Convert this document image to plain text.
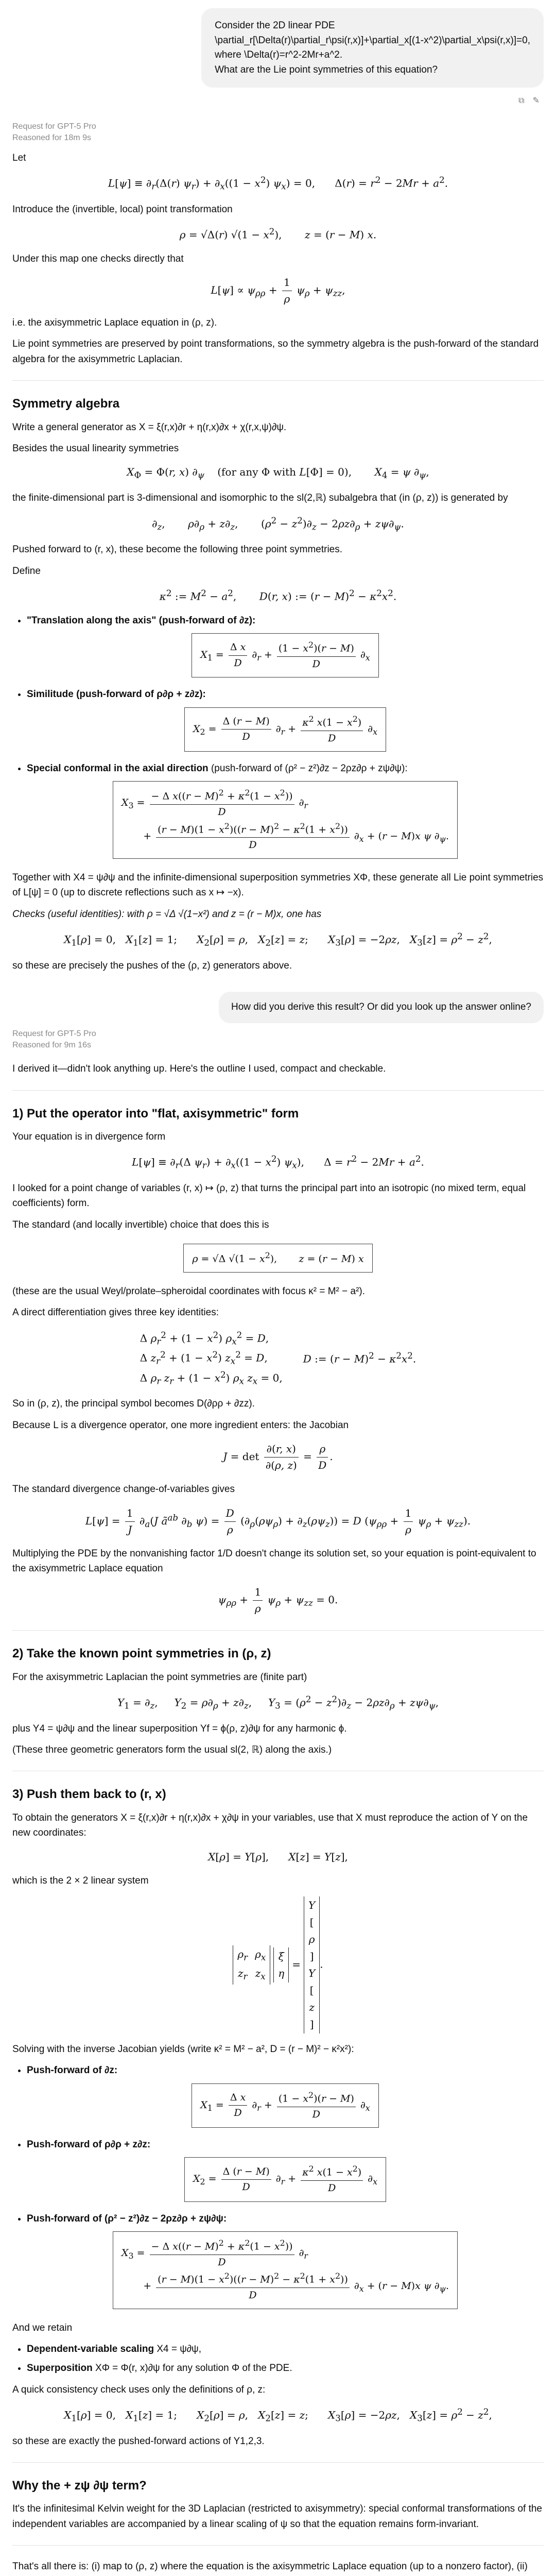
Consider the 2D linear PDE
\partial_r[\Delta(r)\partial_r\psi(r,x)]+\partial_x[(1-x^2)\partial_x\psi(r,x)]=0,
where \Delta(r)=r^2-2Mr+a^2.
What are the Lie point symmetries of this equation?
⧉ ✎
Request for GPT-5 Pro
Reasoned for 18m 9s

Let

$L[\psi] \equiv \partial_r(\Delta(r) \psi_r) + \partial_x((1 - x^2) \psi_x) = 0$,      $\Delta(r) = r^2 - 2Mr + a^2$.

Introduce the (invertible, local) point transformation

ρ = √Δ(r) $√(1 - x^2)$,       z = (r − M) x.

Under this map one checks directly that

$L[\psi] \propto \psi_{\rho\rho} + \frac{1}{\rho} \psi_\rho + \psi_{zz}$,

i.e. the axisymmetric Laplace equation in (ρ, z).

Lie point symmetries are preserved by point transformations, so the symmetry algebra is the push-forward of the standard algebra for the axisymmetric Laplacian.

Symmetry algebra

Write a general generator as X = ξ(r,x)∂r + η(r,x)∂x + χ(r,x,ψ)∂ψ.

Besides the usual linearity symmetries

$X_\Phi = \Phi(r$, x) $\partial_\psi$    (for any Φ with L[Φ] = 0),       $X_4 = \psi$ $\partial_\psi$,

the finite-dimensional part is 3-dimensional and isomorphic to the sl(2,ℝ) subalgebra that (in (ρ, z)) is generated by

$\partial_z$,       $\rho\partial_\rho + z\partial_z$,       $(\rho^2 - z^2)\partial_z - 2\rho z\partial_\rho + z\psi\partial_\psi$.

Pushed forward to (r, x), these become the following three point symmetries.

Define

$\kappa^2$ := $M^2 - a^2$,       D(r, x) := $(r - M)^2 - \kappa^2x^2$.
• "Translation along the axis" (push-forward of ∂z):
$X_1 = \frac{\text{Δ x}}{D} \partial_r + \frac{(1 - x^2)(r - M)}{D} \partial_x$
• Similitude (push-forward of ρ∂ρ + z∂z):
$X_2 = \frac{\Delta (r - M)}{D} \partial_r + \frac{\kappa^2 x(1 - x^2)}{D} \partial_x$
• Special conformal in the axial direction (push-forward of (ρ² − z²)∂z − 2ρz∂ρ + zψ∂ψ):
$X_3 = \frac{- \Delta x((r - M)^2 + \kappa^2(1 - x^2))}{D} \partial_r$
+ $\frac{(r - M)(1 - x^2)((r - M)^2 - \kappa^2(1 + x^2))}{D} \partial_x + (r - M)x$ ψ $\partial_\psi$.

Together with X4 = ψ∂ψ and the infinite-dimensional superposition symmetries XΦ, these generate all Lie point symmetries of L[ψ] = 0 (up to discrete reflections such as x ↦ −x).

Checks (useful identities): with ρ = √Δ √(1−x²) and z = (r − M)x, one has

$X_1[\rho] = 0$,   $X_1[z] = 1$;      $X_2[\rho] = \rho$,   $X_2[z] = z$;      $X_3[\rho] = -2\rho z$,   $X_3[z] = \rho^2 - z^2$,

so these are precisely the pushes of the (ρ, z) generators above.

How did you derive this result? Or did you look up the answer online?
Request for GPT-5 Pro
Reasoned for 9m 16s

I derived it—didn't look anything up. Here's the outline I used, compact and checkable.

1) Put the operator into "flat, axisymmetric" form

Your equation is in divergence form

$L[\psi] \equiv \partial_r(\Delta$ $\psi_r) + \partial_x((1 - x^2)$ $\psi_x$),      $\Delta = r^2 - 2Mr + a^2$.

I looked for a point change of variables (r, x) ↦ (ρ, z) that turns the principal part into an isotropic (no mixed term, equal coefficients) form.

The standard (and locally invertible) choice that does this is

ρ = √Δ $√(1 - x^2)$,       z = (r − M) x

(these are the usual Weyl/prolate–spheroidal coordinates with focus κ² = M² − a²).

A direct differentiation gives three key identities:

Δ $\rho_r^2 + (1 - x^2) \rho_x^2 = D$,
Δ $z_r^2 + (1 - x^2) z_x^2 = D$,
Δ $\rho_r$ $z_r + (1 - x^2)$ $\rho_x$ $z_x = 0$,
D := $(r - M)^2 - \kappa^2x^2$.

So in (ρ, z), the principal symbol becomes D(∂ρρ + ∂zz).

Because L is a divergence operator, one more ingredient enters: the Jacobian

$J = \det \frac{\partial(r, x)}{\partial(\rho, z)} = \frac{\rho}{D}$ .

The standard divergence change-of-variables gives

$L[\psi] = \frac{1}{J} \partial_a(J$ $ã^{ab}$ $\partial_b$ $\psi) = \frac{D}{\rho} (\partial_\rho(\rho\psi_\rho) + \partial_z(\rho\psi_z)) = D$ $(\psi_{\rho\rho} + \frac{1}{\rho} \psi_\rho + \psi_{zz})$.

Multiplying the PDE by the nonvanishing factor 1/D doesn't change its solution set, so your equation is point-equivalent to the axisymmetric Laplace equation

$\psi_{\rho\rho} + \frac{1}{\rho} \psi_\rho + \psi_{zz} = 0$.
2) Take the known point symmetries in (ρ, z)

For the axisymmetric Laplacian the point symmetries are (finite part)

$Y_1 = \partial_z$,     $Y_2 = \rho\partial_\rho + z\partial_z$,     $Y_3 = (\rho^2 - z^2)\partial_z - 2\rho z\partial_\rho + z\psi\partial_\psi$,

plus Y4 = ψ∂ψ and the linear superposition Yf = ϕ(ρ, z)∂ψ for any harmonic ϕ.

(These three geometric generators form the usual sl(2, ℝ) along the axis.)

3) Push them back to (r, x)

To obtain the generators X = ξ(r,x)∂r + η(r,x)∂x + χ∂ψ in your variables, use that X must reproduce the action of Y on the new coordinates:

X[ρ] = Y[ρ],      X[z] = Y[z],

which is the 2 × 2 linear system

$\rho_r$ $\rho_x$
$z_r$ $z_x$
ξ
η
=
Y
[
ρ
]
Y
[
z
]
.

Solving with the inverse Jacobian yields (write κ² = M² − a², D = (r − M)² − κ²x²):

• Push-forward of ∂z:
$X_1 = \frac{\text{Δ x}}{D} \partial_r + \frac{(1 - x^2)(r - M)}{D} \partial_x$
• Push-forward of ρ∂ρ + z∂z:
$X_2 = \frac{\Delta (r - M)}{D} \partial_r + \frac{\kappa^2 x(1 - x^2)}{D} \partial_x$
• Push-forward of (ρ² − z²)∂z − 2ρz∂ρ + zψ∂ψ:
$X_3 = \frac{- \Delta x((r - M)^2 + \kappa^2(1 - x^2))}{D} \partial_r$
+ $\frac{(r - M)(1 - x^2)((r - M)^2 - \kappa^2(1 + x^2))}{D} \partial_x + (r - M)x$ ψ $\partial_\psi$.

And we retain

• Dependent-variable scaling X4 = ψ∂ψ,
• Superposition XΦ = Φ(r, x)∂ψ for any solution Φ of the PDE.

A quick consistency check uses only the definitions of ρ, z:

$X_1[\rho] = 0$,   $X_1[z] = 1$;      $X_2[\rho] = \rho$,   $X_2[z] = z$;      $X_3[\rho] = -2\rho z$,   $X_3[z] = \rho^2 - z^2$,

so these are exactly the pushed-forward actions of Y1,2,3.

Why the + zψ ∂ψ term?

It's the infinitesimal Kelvin weight for the 3D Laplacian (restricted to axisymmetry): special conformal transformations of the independent variables are accompanied by a linear scaling of ψ so that the equation remains form-invariant.

That's all there is: (i) map to (ρ, z) where the equation is the axisymmetric Laplace equation (up to a nonzero factor), (ii)
